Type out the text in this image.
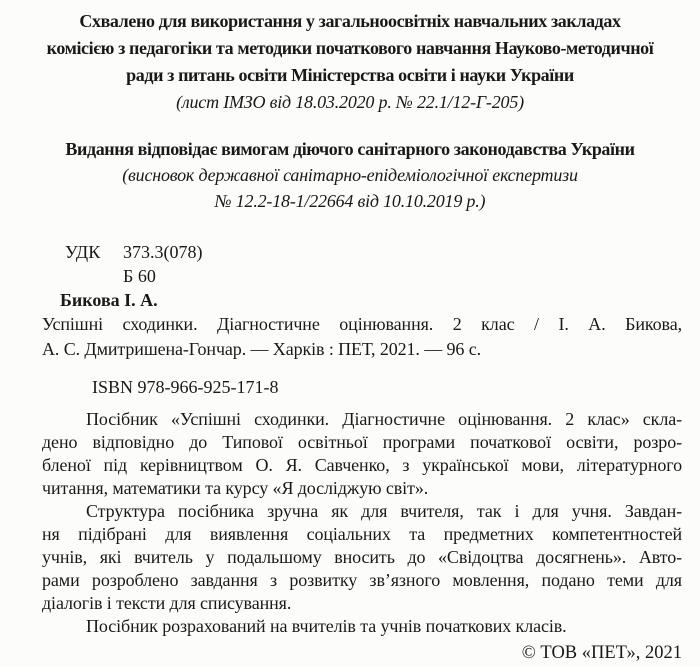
Схвалено для використання у загальноосвітніх навчальних закладах
комісією з педагогіки та методики початкового навчання Науково-методичної
ради з питань освіти Міністерства освіти і науки України
(лист ІМЗО від 18.03.2020 р. № 22.1/12-Г-205)
Видання відповідає вимогам діючого санітарного законодавства України
(висновок державної санітарно-епідеміологічної експертизи
№ 12.2-18-1/22664 від 10.10.2019 р.)
УДК	373.3(078)
Б 60
Бикова І. А.
Успішні сходинки. Діагностичне оцінювання. 2 клас / І. А. Бикова,
А. С. Дмитришена-Гончар. — Харків : ПЕТ, 2021. — 96 с.
ISBN 978-966-925-171-8
Посібник «Успішні сходинки. Діагностичне оцінювання. 2 клас» скла-
дено відповідно до Типової освітньої програми початкової освіти, розро-
бленої під керівництвом О. Я. Савченко, з української мови, літературного
читання, математики та курсу «Я досліджую світ».
Структура посібника зручна як для вчителя, так і для учня. Завдан-
ня підібрані для виявлення соціальних та предметних компетентностей
учнів, які вчитель у подальшому вносить до «Свідоцтва досягнень». Авто-
рами розроблено завдання з розвитку зв’язного мовлення, подано теми для
діалогів і тексти для списування.
Посібник розрахований на вчителів та учнів початкових класів.
© ТОВ «ПЕТ», 2021
